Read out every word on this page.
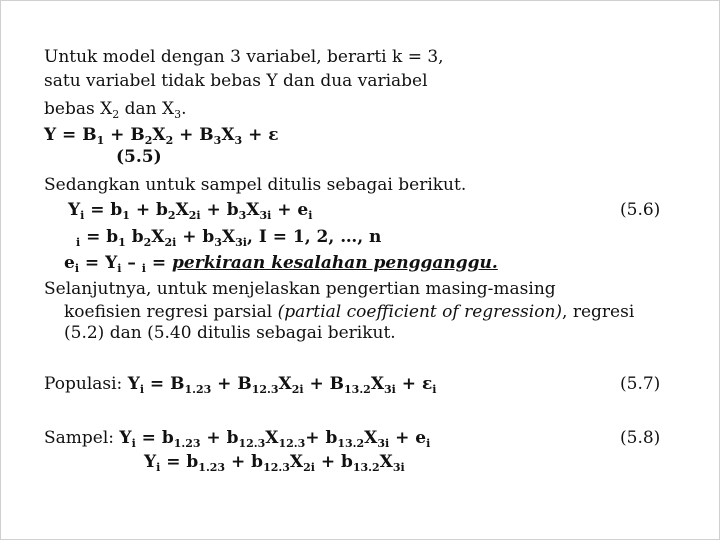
Untuk model dengan 3 variabel, berarti k = 3,
satu variabel tidak bebas Y dan dua variabel
bebas $X_2$ dan $X_3$.
$Y = B_1 + B_2X_2 + B_3X_3 + \varepsilon$
(5.5)
Sedangkan untuk sampel ditulis sebagai berikut.
$Y_i = b_1 + b_2X_{2i} + b_3X_{3i} + e_i$	(5.6)
$_i = b_1$ $b_2X_{2i} + b_3X_{3i}$, I = 1, 2, …, n
$e_i = Y_i - _i$ = perkiraan kesalahan pengganggu.
Selanjutnya, untuk menjelaskan pengertian masing-masing
koefisien regresi parsial (partial coefficient of regression), regresi
(5.2) dan (5.40 ditulis sebagai berikut.
Populasi: $Y_i = B_{1.23} + B_{12.3}X_{2i} + B_{13.2}X_{3i} + \varepsilon_i$	(5.7)
Sampel: $Y_i = b_{1.23} + b_{12.3}X_{12.3}+ b_{13.2}X_{3i} + e_i$	(5.8)
$Y_i = b_{1.23} + b_{12.3}X_{2i} + b_{13.2}X_{3i}$
